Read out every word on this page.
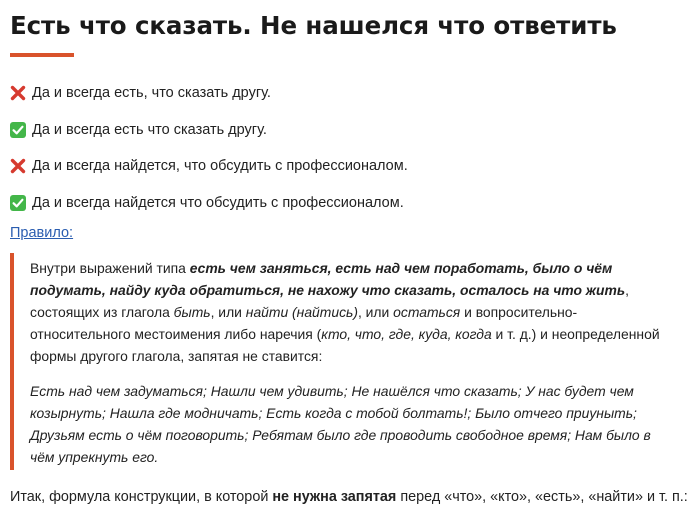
Есть что сказать. Не нашелся что ответить
Да и всегда есть, что сказать другу.
Да и всегда есть что сказать другу.
Да и всегда найдется, что обсудить с профессионалом.
Да и всегда найдется что обсудить с профессионалом.
Правило:

Внутри выражений типа есть чем заняться, есть над чем поработать, было о чём подумать, найду куда обратиться, не нахожу что сказать, осталось на что жить, состоящих из глагола быть, или найти (найтись), или остаться и вопросительно-относительного местоимения либо наречия (кто, что, где, куда, когда и т. д.) и неопределенной формы другого глагола, запятая не ставится:

Есть над чем задуматься; Нашли чем удивить; Не нашёлся что сказать; У нас будет чем козырнуть; Нашла где модничать; Есть когда с тобой болтать!; Было отчего приуныть; Друзьям есть о чём поговорить; Ребятам было где проводить свободное время; Нам было в чём упрекнуть его.

Итак, формула конструкции, в которой не нужна запятая перед «что», «кто», «есть», «найти» и т. п.:
